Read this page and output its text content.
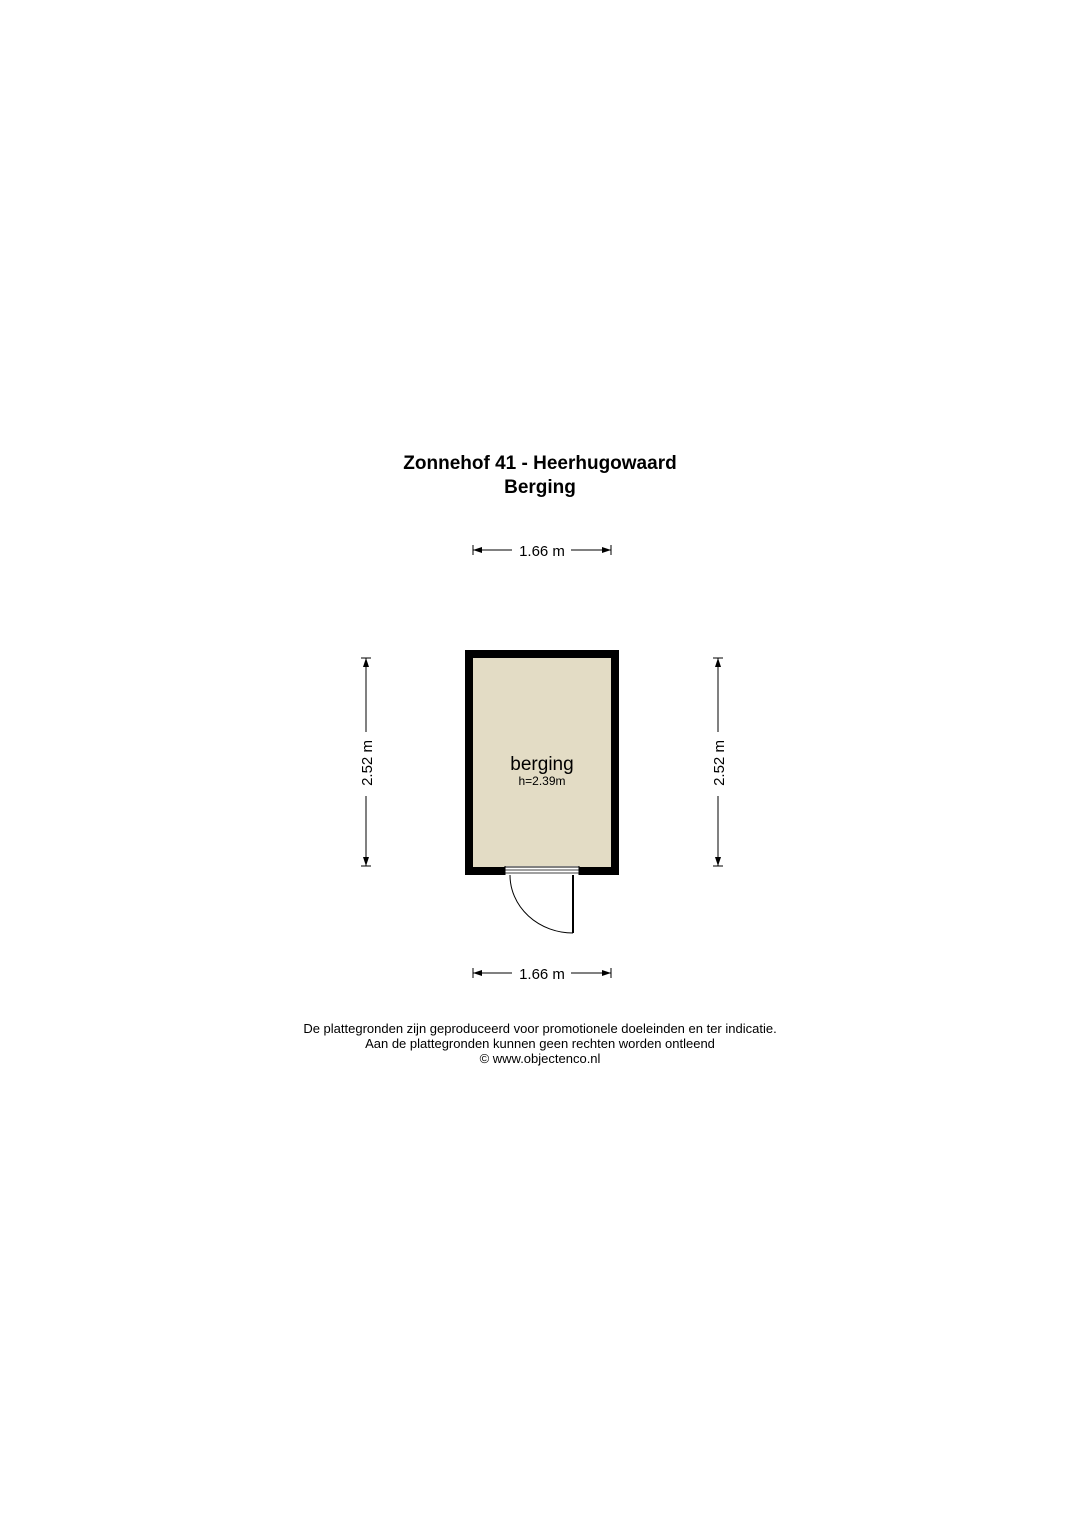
Zonnehof 41 - Heerhugowaard
Berging
1.66 m
1.66 m
2.52 m	2.52 m
berging
h=2.39m
De plattegronden zijn geproduceerd voor promotionele doeleinden en ter indicatie.
Aan de plattegronden kunnen geen rechten worden ontleend
© www.objectenco.nl
